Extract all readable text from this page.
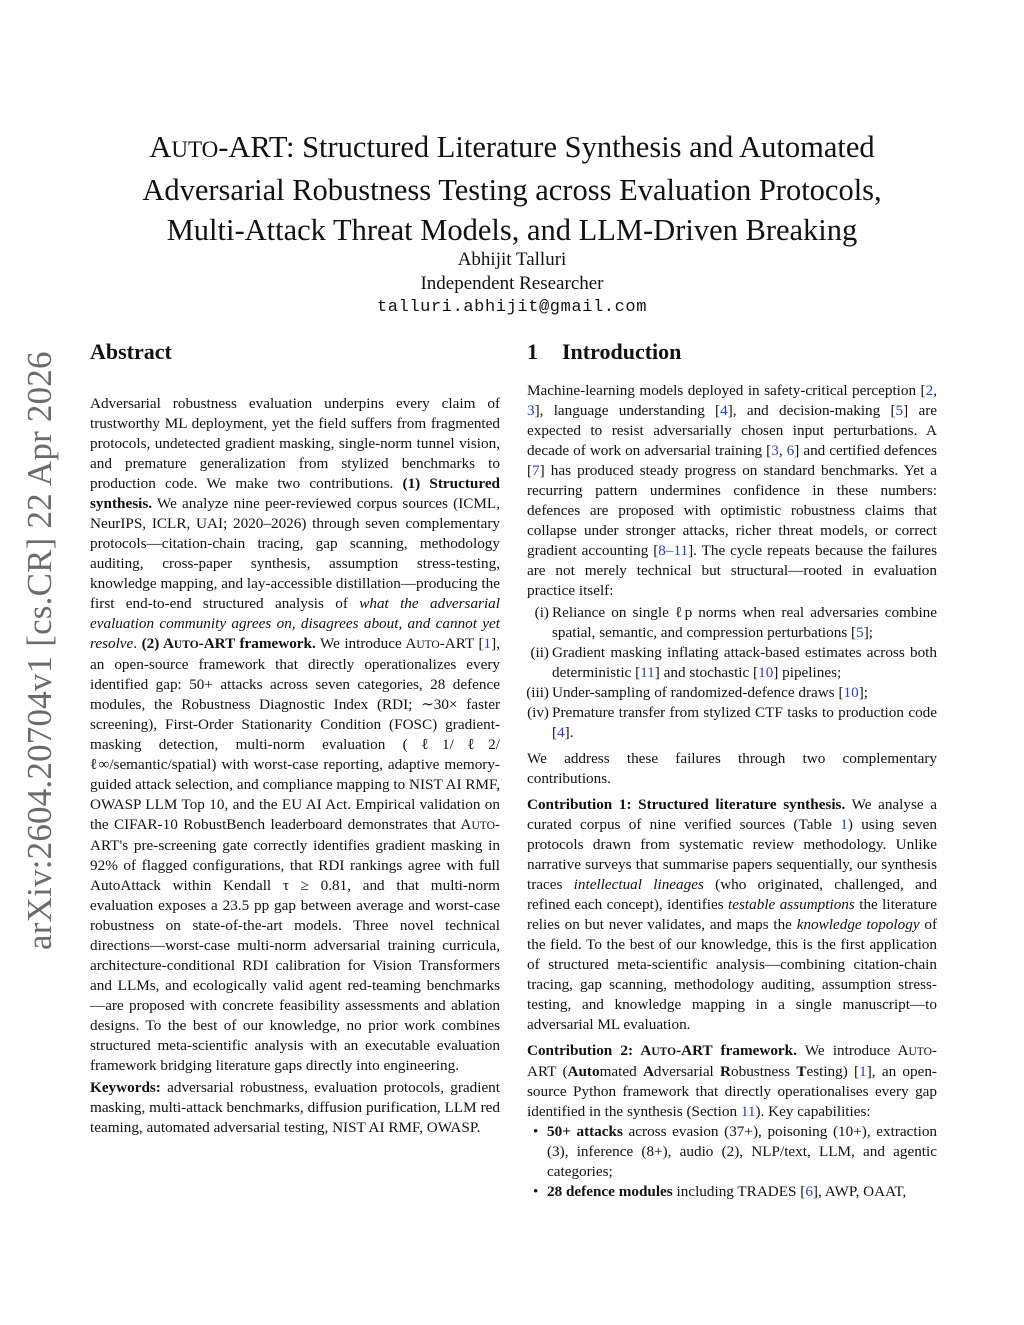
arXiv:2604.20704v1 [cs.CR] 22 Apr 2026
AUTO-ART: Structured Literature Synthesis and Automated
Adversarial Robustness Testing across Evaluation Protocols,
Multi-Attack Threat Models, and LLM-Driven Breaking
Abhijit Talluri
Independent Researcher
talluri.abhijit@gmail.com
Abstract

Adversarial robustness evaluation underpins every claim of trustworthy ML deployment, yet the field suffers from fragmented protocols, undetected gradient masking, single-norm tunnel vision, and premature generalization from stylized benchmarks to production code. We make two contributions. (1) Structured synthesis. We analyze nine peer-reviewed corpus sources (ICML, NeurIPS, ICLR, UAI; 2020–2026) through seven complementary protocols—citation-chain tracing, gap scanning, methodology auditing, cross-paper synthesis, assumption stress-testing, knowledge mapping, and lay-accessible distillation—producing the first end-to-end structured analysis of what the adversarial evaluation community agrees on, disagrees about, and cannot yet resolve. (2) AUTO-ART framework. We introduce AUTO-ART [1], an open-source framework that directly operationalizes every identified gap: 50+ attacks across seven categories, 28 defence modules, the Robustness Diagnostic Index (RDI; ∼30× faster screening), First-Order Stationarity Condition (FOSC) gradient-masking detection, multi-norm evaluation (ℓ1/ℓ2/ℓ∞/semantic/spatial) with worst-case reporting, adaptive memory-guided attack selection, and compliance mapping to NIST AI RMF, OWASP LLM Top 10, and the EU AI Act. Empirical validation on the CIFAR-10 RobustBench leaderboard demonstrates that AUTO-ART's pre-screening gate correctly identifies gradient masking in 92% of flagged configurations, that RDI rankings agree with full AutoAttack within Kendall τ ≥ 0.81, and that multi-norm evaluation exposes a 23.5 pp gap between average and worst-case robustness on state-of-the-art models. Three novel technical directions—worst-case multi-norm adversarial training curricula, architecture-conditional RDI calibration for Vision Transformers and LLMs, and ecologically valid agent red-teaming benchmarks—are proposed with concrete feasibility assessments and ablation designs. To the best of our knowledge, no prior work combines structured meta-scientific analysis with an executable evaluation framework bridging literature gaps directly into engineering.

Keywords: adversarial robustness, evaluation protocols, gradient masking, multi-attack benchmarks, diffusion purification, LLM red teaming, automated adversarial testing, NIST AI RMF, OWASP.

1 Introduction

Machine-learning models deployed in safety-critical perception [2, 3], language understanding [4], and decision-making [5] are expected to resist adversarially chosen input perturbations. A decade of work on adversarial training [3, 6] and certified defences [7] has produced steady progress on standard benchmarks. Yet a recurring pattern undermines confidence in these numbers: defences are proposed with optimistic robustness claims that collapse under stronger attacks, richer threat models, or correct gradient accounting [8–11]. The cycle repeats because the failures are not merely technical but structural—rooted in evaluation practice itself:

(i) Reliance on single ℓp norms when real adversaries combine spatial, semantic, and compression perturbations [5];
(ii) Gradient masking inflating attack-based estimates across both deterministic [11] and stochastic [10] pipelines;
(iii) Under-sampling of randomized-defence draws [10];
(iv) Premature transfer from stylized CTF tasks to production code [4].

We address these failures through two complementary contributions.

Contribution 1: Structured literature synthesis. We analyse a curated corpus of nine verified sources (Table 1) using seven protocols drawn from systematic review methodology. Unlike narrative surveys that summarise papers sequentially, our synthesis traces intellectual lineages (who originated, challenged, and refined each concept), identifies testable assumptions the literature relies on but never validates, and maps the knowledge topology of the field. To the best of our knowledge, this is the first application of structured meta-scientific analysis—combining citation-chain tracing, gap scanning, methodology auditing, assumption stress-testing, and knowledge mapping in a single manuscript—to adversarial ML evaluation.

Contribution 2: AUTO-ART framework. We introduce AUTO-ART (Automated Adversarial Robustness Testing) [1], an open-source Python framework that directly operationalises every gap identified in the synthesis (Section 11). Key capabilities:

• 50+ attacks across evasion (37+), poisoning (10+), extraction (3), inference (8+), audio (2), NLP/text, LLM, and agentic categories;
• 28 defence modules including TRADES [6], AWP, OAAT,
